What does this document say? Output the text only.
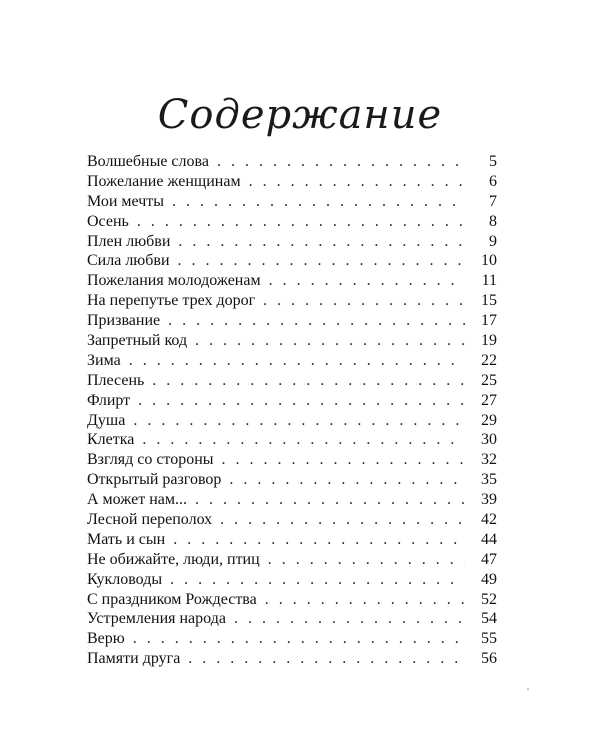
Содержание
Волшебные слова . . .	5
Пожелание женщинам . . .	6
Мои мечты . . .	7
Осень . . .	8
Плен любви . . .	9
Сила любви . . .	10
Пожелания молодоженам . . .	11
На перепутье трех дорог . . .	15
Призвание . . .	17
Запретный код . . .	19
Зима . . .	22
Плесень . . .	25
Флирт . . .	27
Душа . . .	29
Клетка . . .	30
Взгляд со стороны . . .	32
Открытый разговор . . .	35
А может нам... . . .	39
Лесной переполох . . .	42
Мать и сын . . .	44
Не обижайте, люди, птиц . . .	47
Кукловоды . . .	49
С праздником Рождества . . .	52
Устремления народа . . .	54
Верю . . .	55
Памяти друга . . .	56
